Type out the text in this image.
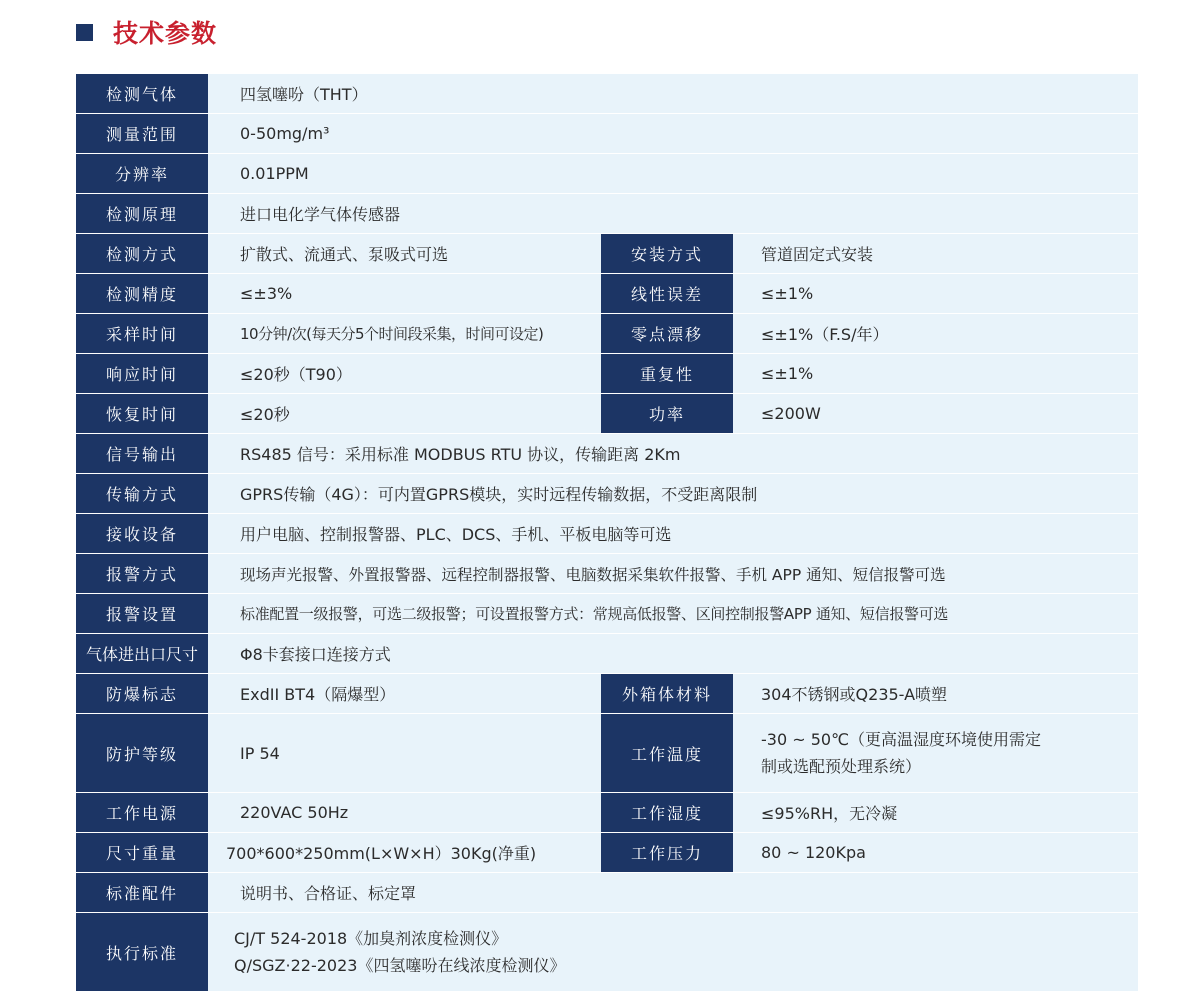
技术参数
检测气体	四氢噻吩（THT）		
测量范围	0-50mg/m³		
分辨率	0.01PPM		
检测原理	进口电化学气体传感器		
检测方式	扩散式、流通式、泵吸式可选	安装方式	管道固定式安装
检测精度	≤±3%	线性误差	≤±1%
采样时间	10分钟/次(每天分5个时间段采集，时间可设定)	零点漂移	≤±1%（F.S/年）
响应时间	≤20秒（T90）	重复性	≤±1%
恢复时间	≤20秒	功率	≤200W
信号输出	RS485 信号：采用标准 MODBUS RTU 协议，传输距离 2Km		
传输方式	GPRS传输（4G）：可内置GPRS模块，实时远程传输数据，不受距离限制		
接收设备	用户电脑、控制报警器、PLC、DCS、手机、平板电脑等可选		
报警方式	现场声光报警、外置报警器、远程控制器报警、电脑数据采集软件报警、手机 APP 通知、短信报警可选		
报警设置	标准配置一级报警，可选二级报警；可设置报警方式：常规高低报警、区间控制报警APP 通知、短信报警可选		
气体进出口尺寸	Φ8卡套接口连接方式		
防爆标志	ExdII BT4（隔爆型）	外箱体材料	304不锈钢或Q235-A喷塑
防护等级	IP 54	工作温度	-30 ~ 50℃（更高温湿度环境使用需定
制或选配预处理系统）

工作电源	220VAC 50Hz	工作湿度	≤95%RH，无冷凝
尺寸重量	700*600*250mm(L×W×H）30Kg(净重)	工作压力	80 ~ 120Kpa
标准配件	说明书、合格证、标定罩		
执行标准	CJ/T 524-2018《加臭剂浓度检测仪》
Q/SGZ·22-2023《四氢噻吩在线浓度检测仪》		
